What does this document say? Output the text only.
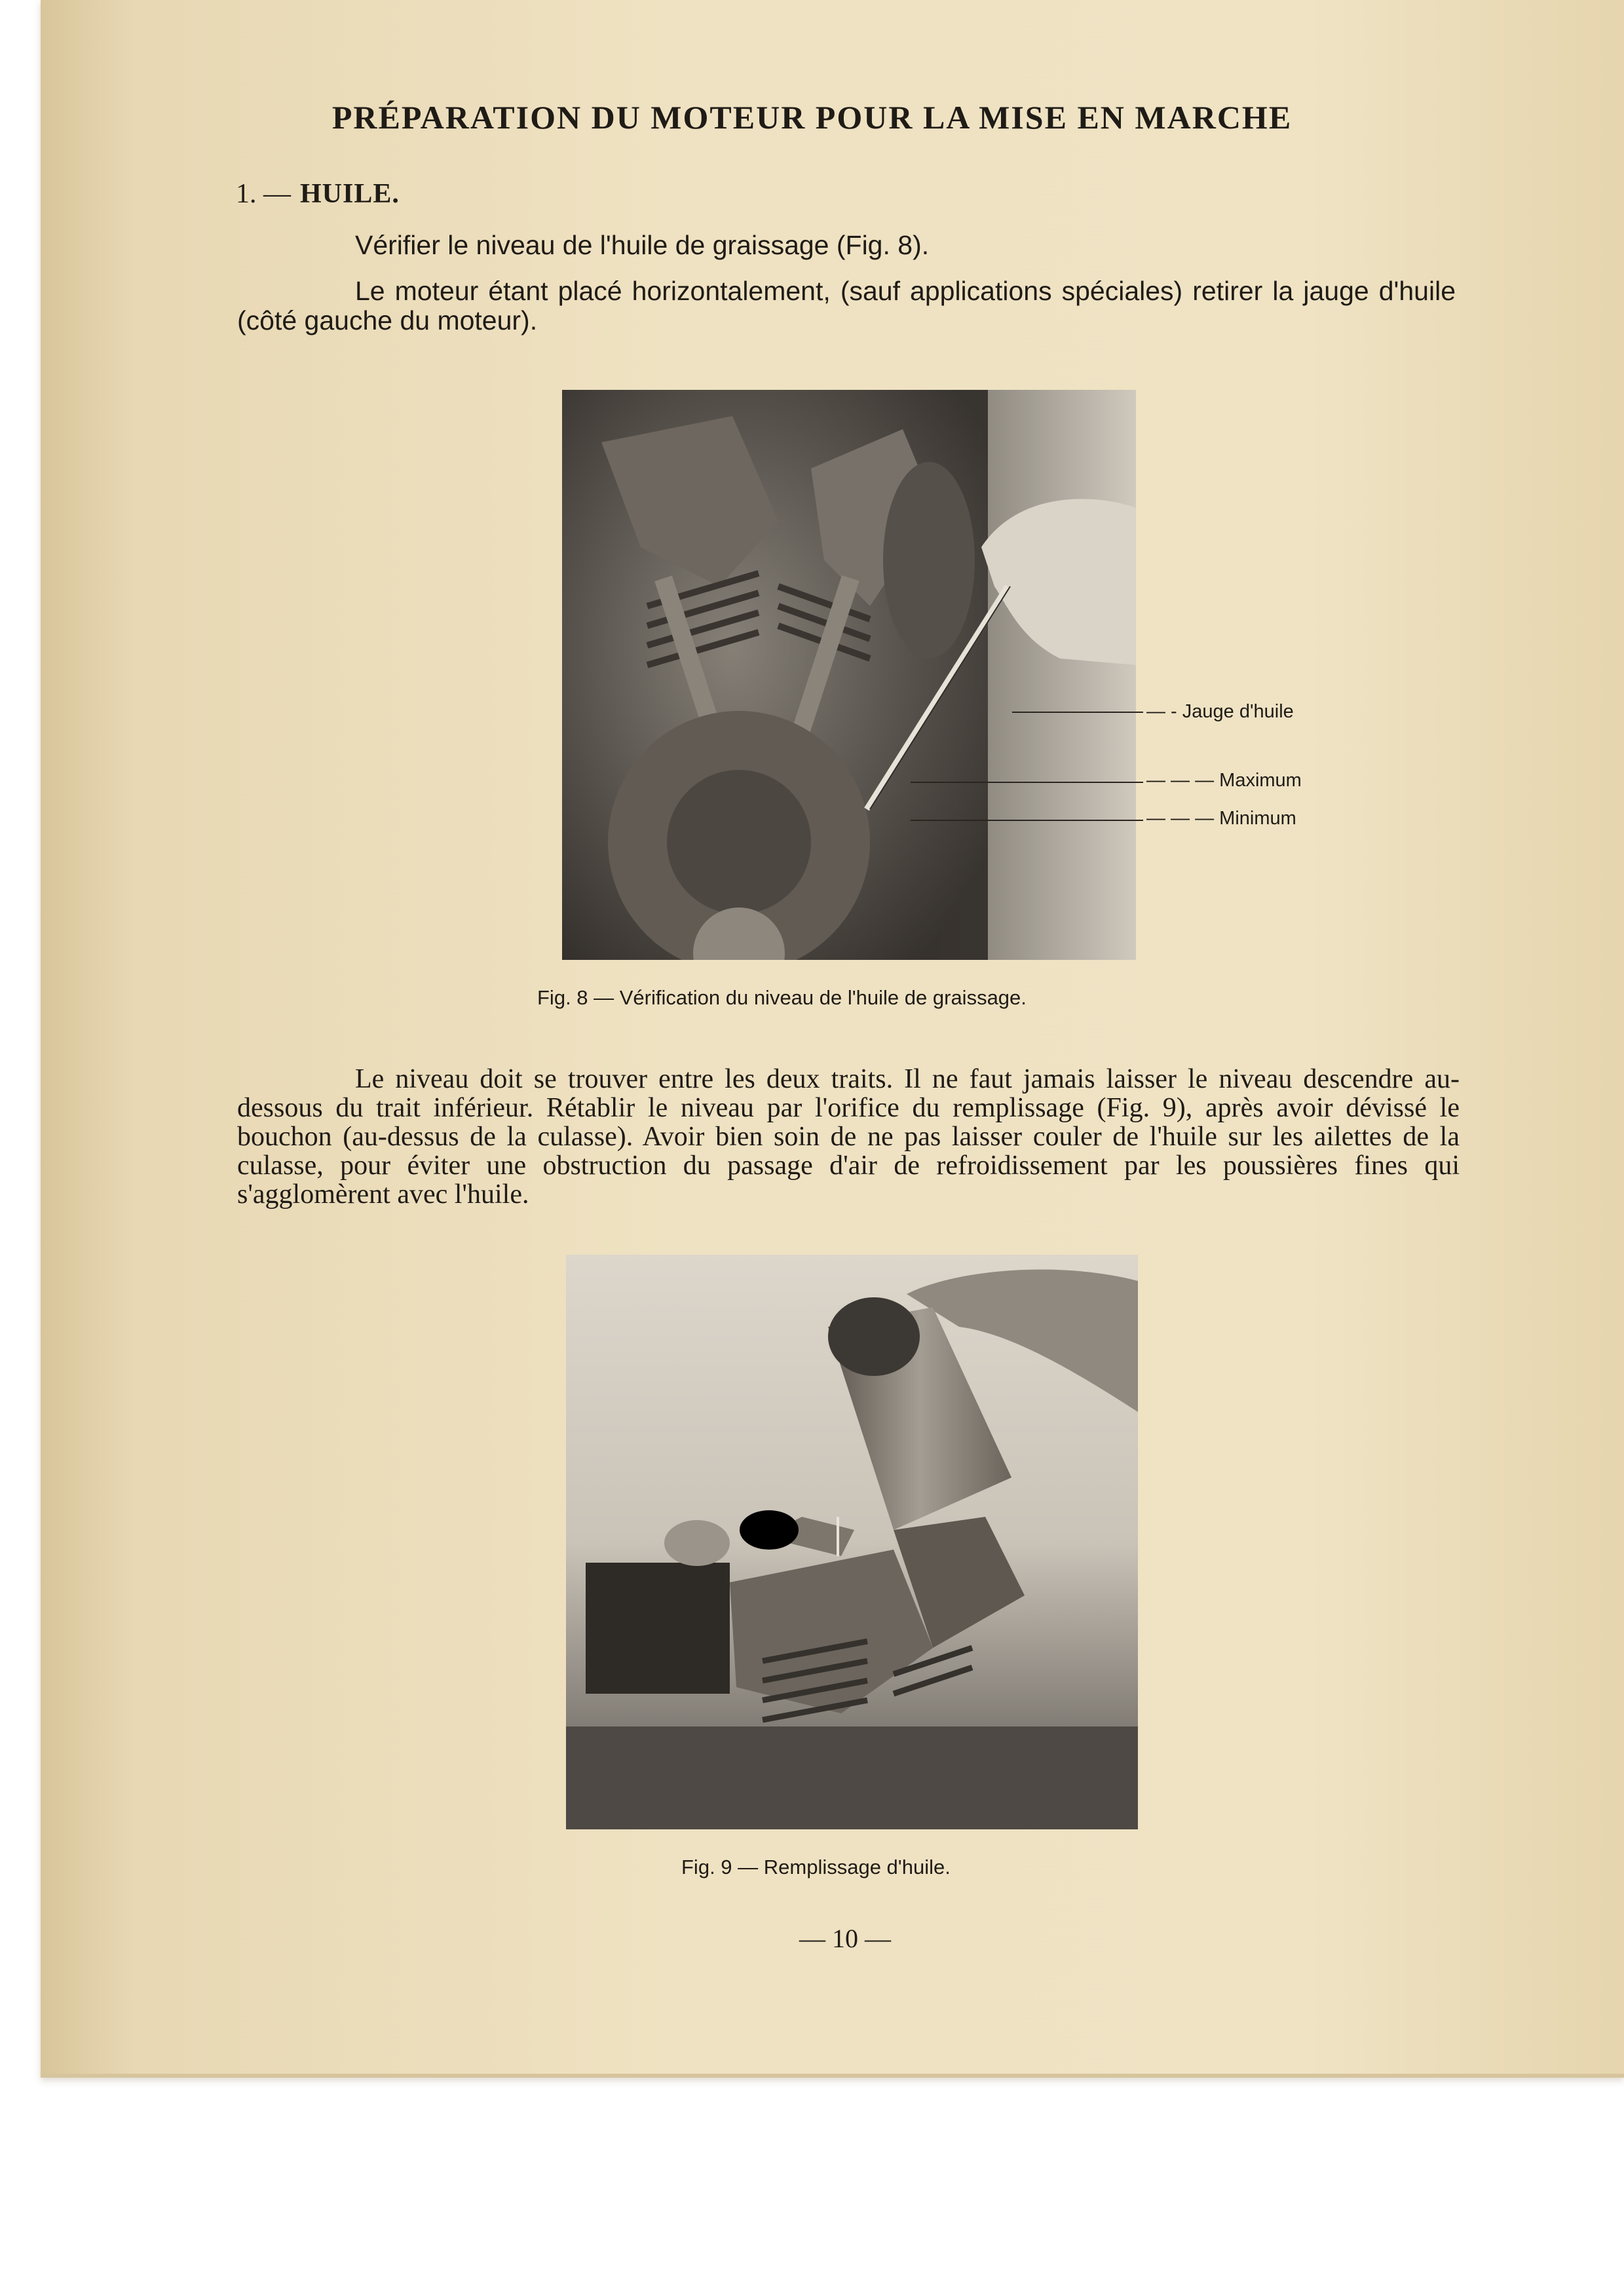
PRÉPARATION DU MOTEUR POUR LA MISE EN MARCHE
1. — HUILE.
Vérifier le niveau de l'huile de graissage (Fig. 8).
Le moteur étant placé horizontalement, (sauf applications spéciales) retirer la jauge d'huile (côté gauche du moteur).
— - Jauge d'huile
— — — Maximum
— — — Minimum
Fig. 8 — Vérification du niveau de l'huile de graissage.
Le niveau doit se trouver entre les deux traits. Il ne faut jamais laisser le niveau descendre au-dessous du trait inférieur. Rétablir le niveau par l'orifice du remplissage (Fig. 9), après avoir dévissé le bouchon (au-dessus de la culasse). Avoir bien soin de ne pas laisser couler de l'huile sur les ailettes de la culasse, pour éviter une obstruction du passage d'air de refroidissement par les poussières fines qui s'agglomèrent avec l'huile.
Fig. 9 — Remplissage d'huile.
— 10 —
